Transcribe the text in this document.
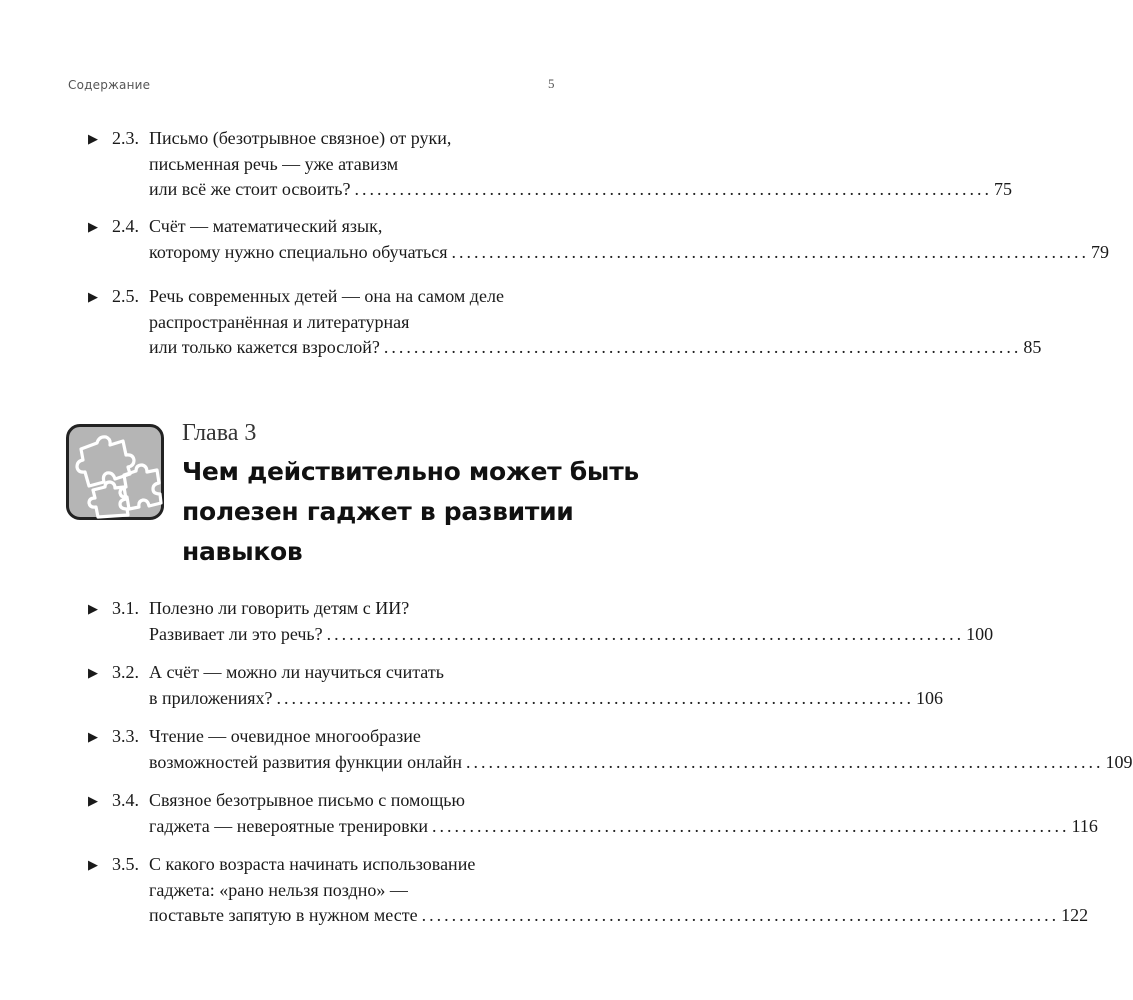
Содержание	5
▶ 2.3. Письмо (безотрывное связное) от руки,
письменная речь — уже атавизм
или всё же стоит освоить? ..................................................................................... 75
▶ 2.4. Счёт — математический язык,
которому нужно специально обучаться ..................................................................................... 79
▶ 2.5. Речь современных детей — она на самом деле
распространённая и литературная
или только кажется взрослой? ..................................................................................... 85
Глава 3
Чем действительно может быть
полезен гаджет в развитии
навыков
▶ 3.1. Полезно ли говорить детям с ИИ?
Развивает ли это речь? ..................................................................................... 100
▶ 3.2. А счёт — можно ли научиться считать
в приложениях? ..................................................................................... 106
▶ 3.3. Чтение — очевидное многообразие
возможностей развития функции онлайн ..................................................................................... 109
▶ 3.4. Связное безотрывное письмо с помощью
гаджета — невероятные тренировки ..................................................................................... 116
▶ 3.5. С какого возраста начинать использование
гаджета: «рано нельзя поздно» —
поставьте запятую в нужном месте ..................................................................................... 122
